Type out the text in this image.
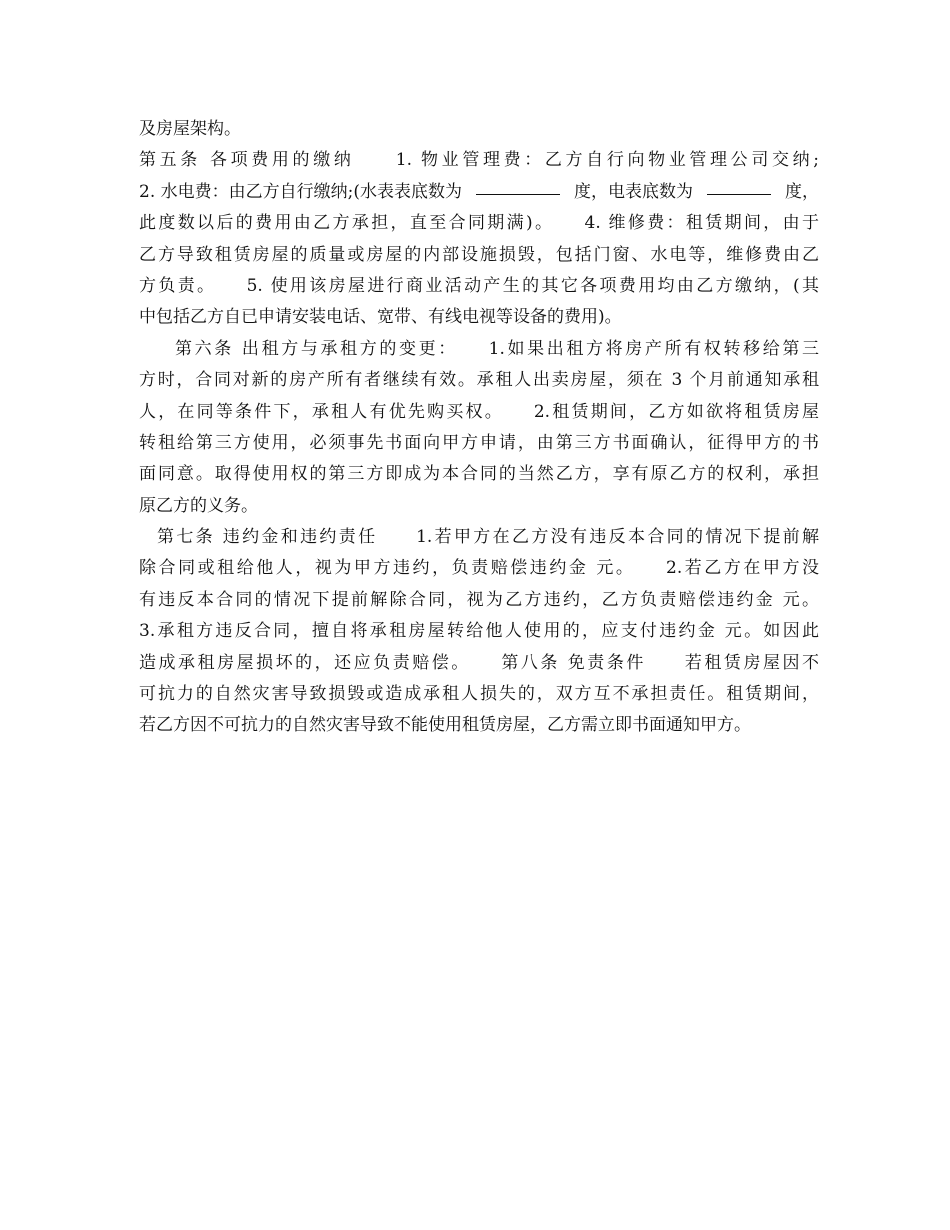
及房屋架构。
第五条 各项费用的缴纳　　1. 物业管理费：乙方自行向物业管理公司交纳;
2. 水电费：由乙方自行缴纳;(水表表底数为	度，电表底数为	度，
此度数以后的费用由乙方承担，直至合同期满)。　　4. 维修费：租赁期间，由于
乙方导致租赁房屋的质量或房屋的内部设施损毁，包括门窗、水电等，维修费由乙
方负责。　　5. 使用该房屋进行商业活动产生的其它各项费用均由乙方缴纳，(其
中包括乙方自已申请安装电话、宽带、有线电视等设备的费用)。
第六条 出租方与承租方的变更：　　1.如果出租方将房产所有权转移给第三
方时，合同对新的房产所有者继续有效。承租人出卖房屋，须在 3 个月前通知承租
人，在同等条件下，承租人有优先购买权。　　2.租赁期间，乙方如欲将租赁房屋
转租给第三方使用，必须事先书面向甲方申请，由第三方书面确认，征得甲方的书
面同意。取得使用权的第三方即成为本合同的当然乙方，享有原乙方的权利，承担
原乙方的义务。
第七条 违约金和违约责任　　1.若甲方在乙方没有违反本合同的情况下提前解
除合同或租给他人，视为甲方违约，负责赔偿违约金 元。　　2.若乙方在甲方没
有违反本合同的情况下提前解除合同，视为乙方违约，乙方负责赔偿违约金 元。
3.承租方违反合同，擅自将承租房屋转给他人使用的，应支付违约金 元。如因此
造成承租房屋损坏的，还应负责赔偿。　　第八条 免责条件　　若租赁房屋因不
可抗力的自然灾害导致损毁或造成承租人损失的，双方互不承担责任。租赁期间，
若乙方因不可抗力的自然灾害导致不能使用租赁房屋，乙方需立即书面通知甲方。
